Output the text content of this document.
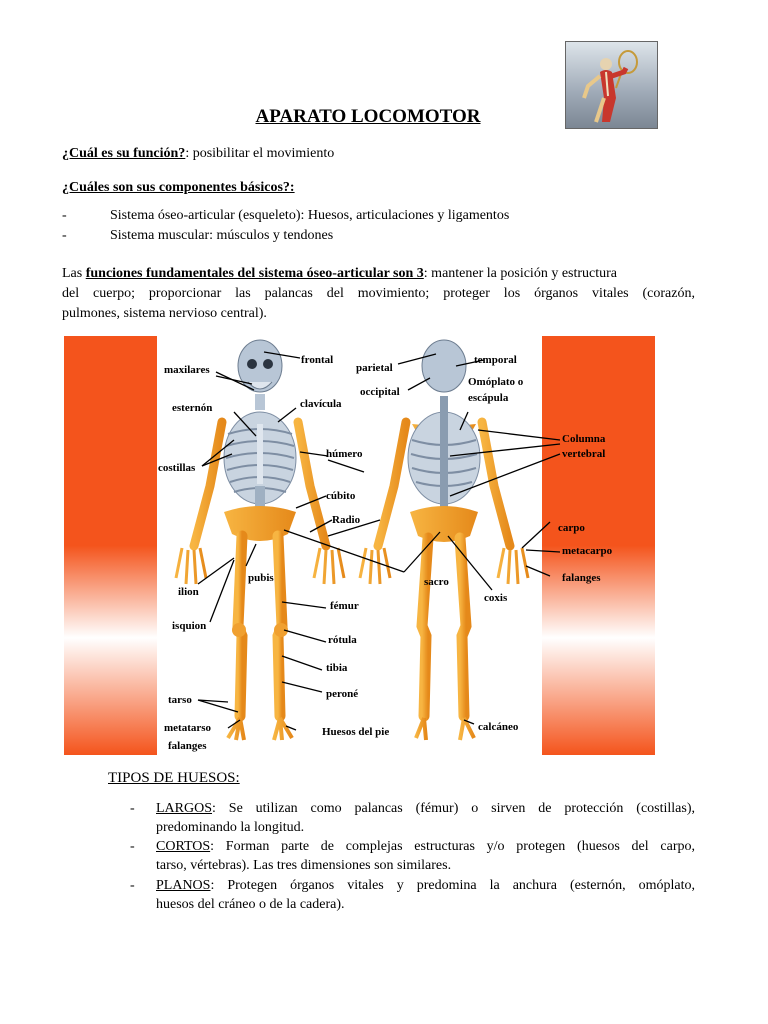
APARATO LOCOMOTOR
¿Cuál es su función?: posibilitar el movimiento
¿Cuáles son sus componentes básicos?:
-	Sistema óseo-articular (esqueleto): Huesos, articulaciones y ligamentos
-	Sistema muscular: músculos y tendones
Las funciones fundamentales del sistema óseo-articular son 3: mantener la posición y estructura
del cuerpo; proporcionar las palancas del movimiento; proteger los órganos vitales (corazón,
pulmones, sistema nervioso central).
frontal
maxilares
esternón	clavícula
costillas
húmero
cúbito
Radio
pubis
ilion
isquion
fémur
rótula
tibia
peroné
tarso
metatarso
falanges
Huesos del pie
parietal
temporal
occipital
Omóplato o
escápula
Columna
vertebral
carpo
metacarpo
falanges
sacro
coxis
calcáneo
TIPOS DE HUESOS:
- LARGOS: Se utilizan como palancas (fémur) o sirven de protección (costillas),
predominando la longitud.
- CORTOS: Forman parte de complejas estructuras y/o protegen (huesos del carpo,
tarso, vértebras). Las tres dimensiones son similares.
- PLANOS: Protegen órganos vitales y predomina la anchura (esternón, omóplato,
huesos del cráneo o de la cadera).
